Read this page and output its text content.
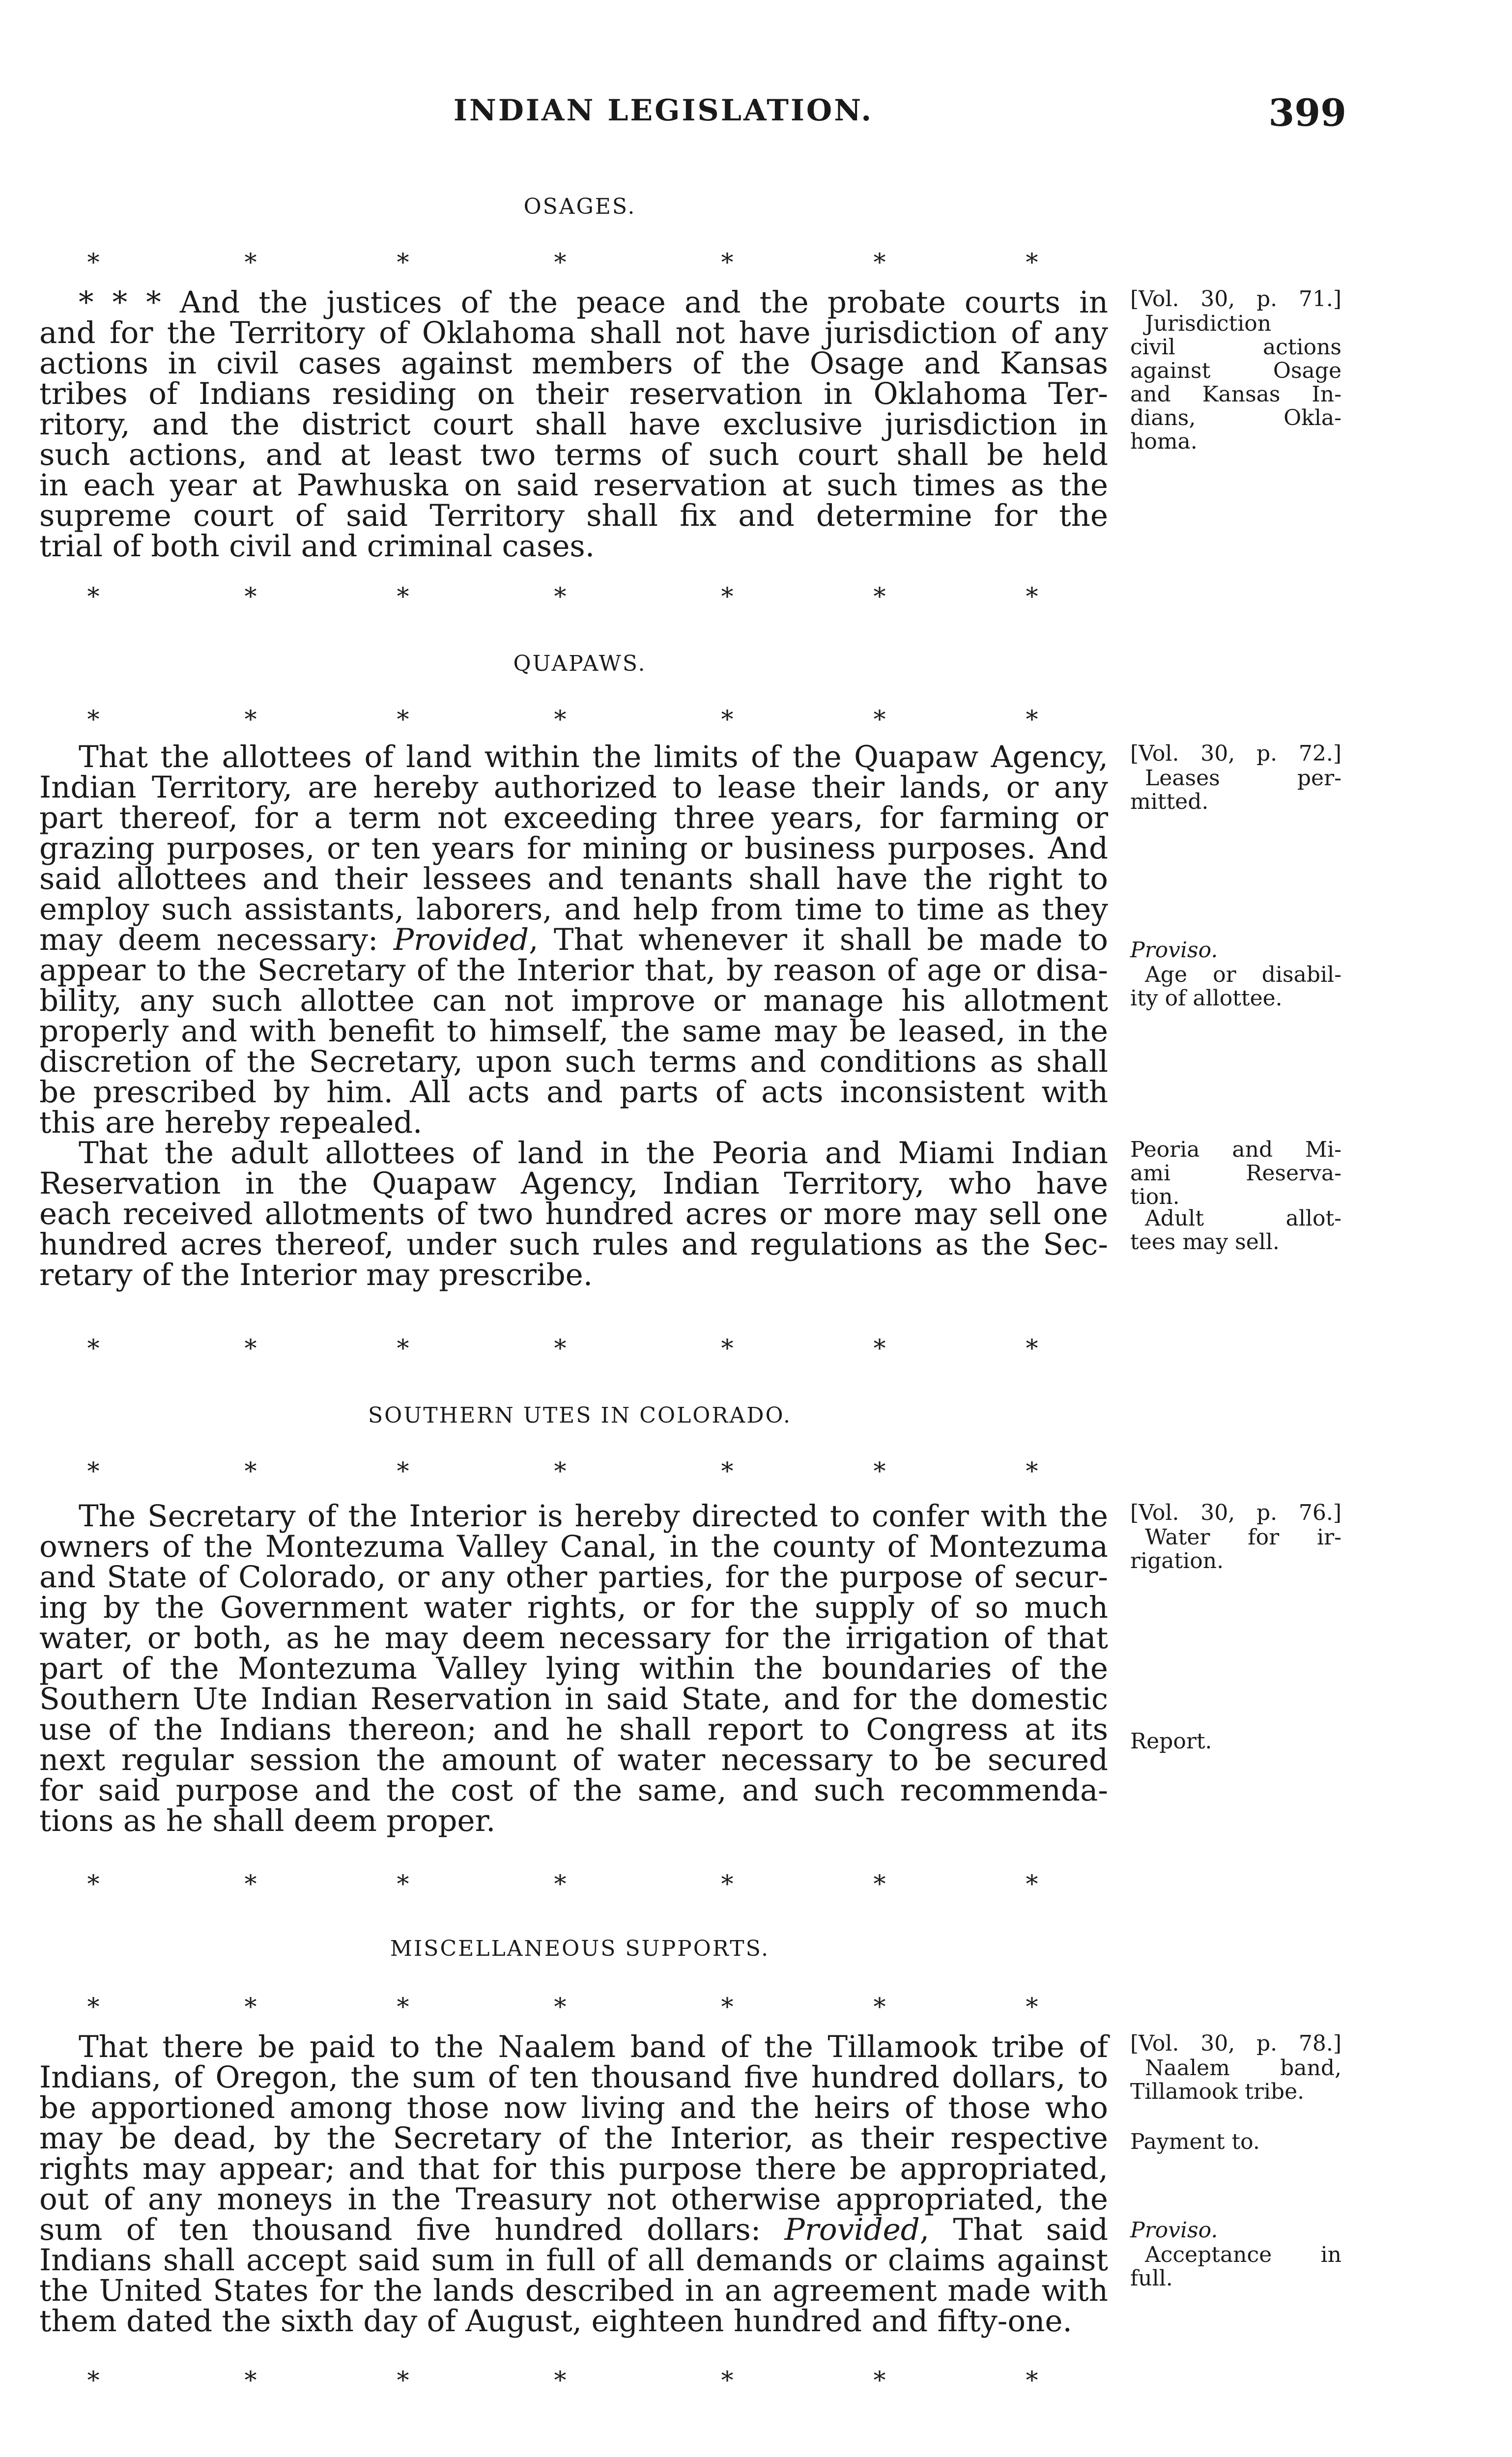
INDIAN LEGISLATION.	399
OSAGES.
*	*	*	*	*	*	*
* * * And the justices of the peace and the probate courts in
and for the Territory of Oklahoma shall not have jurisdiction of any
actions in civil cases against members of the Osage and Kansas
tribes of Indians residing on their reservation in Oklahoma Ter-
ritory, and the district court shall have exclusive jurisdiction in
such actions, and at least two terms of such court shall be held
in each year at Pawhuska on said reservation at such times as the
supreme court of said Territory shall fix and determine for the
trial of both civil and criminal cases.
[Vol. 30, p. 71.]
Jurisdiction
civil actions
against Osage
and Kansas In-
dians, Okla-
homa.
*	*	*	*	*	*	*
QUAPAWS.
*	*	*	*	*	*	*
That the allottees of land within the limits of the Quapaw Agency,
Indian Territory, are hereby authorized to lease their lands, or any
part thereof, for a term not exceeding three years, for farming or
grazing purposes, or ten years for mining or business purposes. And
said allottees and their lessees and tenants shall have the right to
employ such assistants, laborers, and help from time to time as they
may deem necessary: Provided, That whenever it shall be made to
appear to the Secretary of the Interior that, by reason of age or disa-
bility, any such allottee can not improve or manage his allotment
properly and with benefit to himself, the same may be leased, in the
discretion of the Secretary, upon such terms and conditions as shall
be prescribed by him. All acts and parts of acts inconsistent with
this are hereby repealed.
That the adult allottees of land in the Peoria and Miami Indian
Reservation in the Quapaw Agency, Indian Territory, who have
each received allotments of two hundred acres or more may sell one
hundred acres thereof, under such rules and regulations as the Sec-
retary of the Interior may prescribe.
[Vol. 30, p. 72.]
Leases per-
mitted.
Proviso.
Age or disabil-
ity of allottee.
Peoria and Mi-
ami Reserva-
tion.
Adult allot-
tees may sell.
*	*	*	*	*	*	*
SOUTHERN UTES IN COLORADO.
*	*	*	*	*	*	*
The Secretary of the Interior is hereby directed to confer with the
owners of the Montezuma Valley Canal, in the county of Montezuma
and State of Colorado, or any other parties, for the purpose of secur-
ing by the Government water rights, or for the supply of so much
water, or both, as he may deem necessary for the irrigation of that
part of the Montezuma Valley lying within the boundaries of the
Southern Ute Indian Reservation in said State, and for the domestic
use of the Indians thereon; and he shall report to Congress at its
next regular session the amount of water necessary to be secured
for said purpose and the cost of the same, and such recommenda-
tions as he shall deem proper.
[Vol. 30, p. 76.]
Water for ir-
rigation.
Report.
*	*	*	*	*	*	*
MISCELLANEOUS SUPPORTS.
*	*	*	*	*	*	*
That there be paid to the Naalem band of the Tillamook tribe of
Indians, of Oregon, the sum of ten thousand five hundred dollars, to
be apportioned among those now living and the heirs of those who
may be dead, by the Secretary of the Interior, as their respective
rights may appear; and that for this purpose there be appropriated,
out of any moneys in the Treasury not otherwise appropriated, the
sum of ten thousand five hundred dollars: Provided, That said
Indians shall accept said sum in full of all demands or claims against
the United States for the lands described in an agreement made with
them dated the sixth day of August, eighteen hundred and fifty-one.
[Vol. 30, p. 78.]
Naalem band,
Tillamook tribe.
Payment to.
Proviso.
Acceptance in
full.
*	*	*	*	*	*	*
